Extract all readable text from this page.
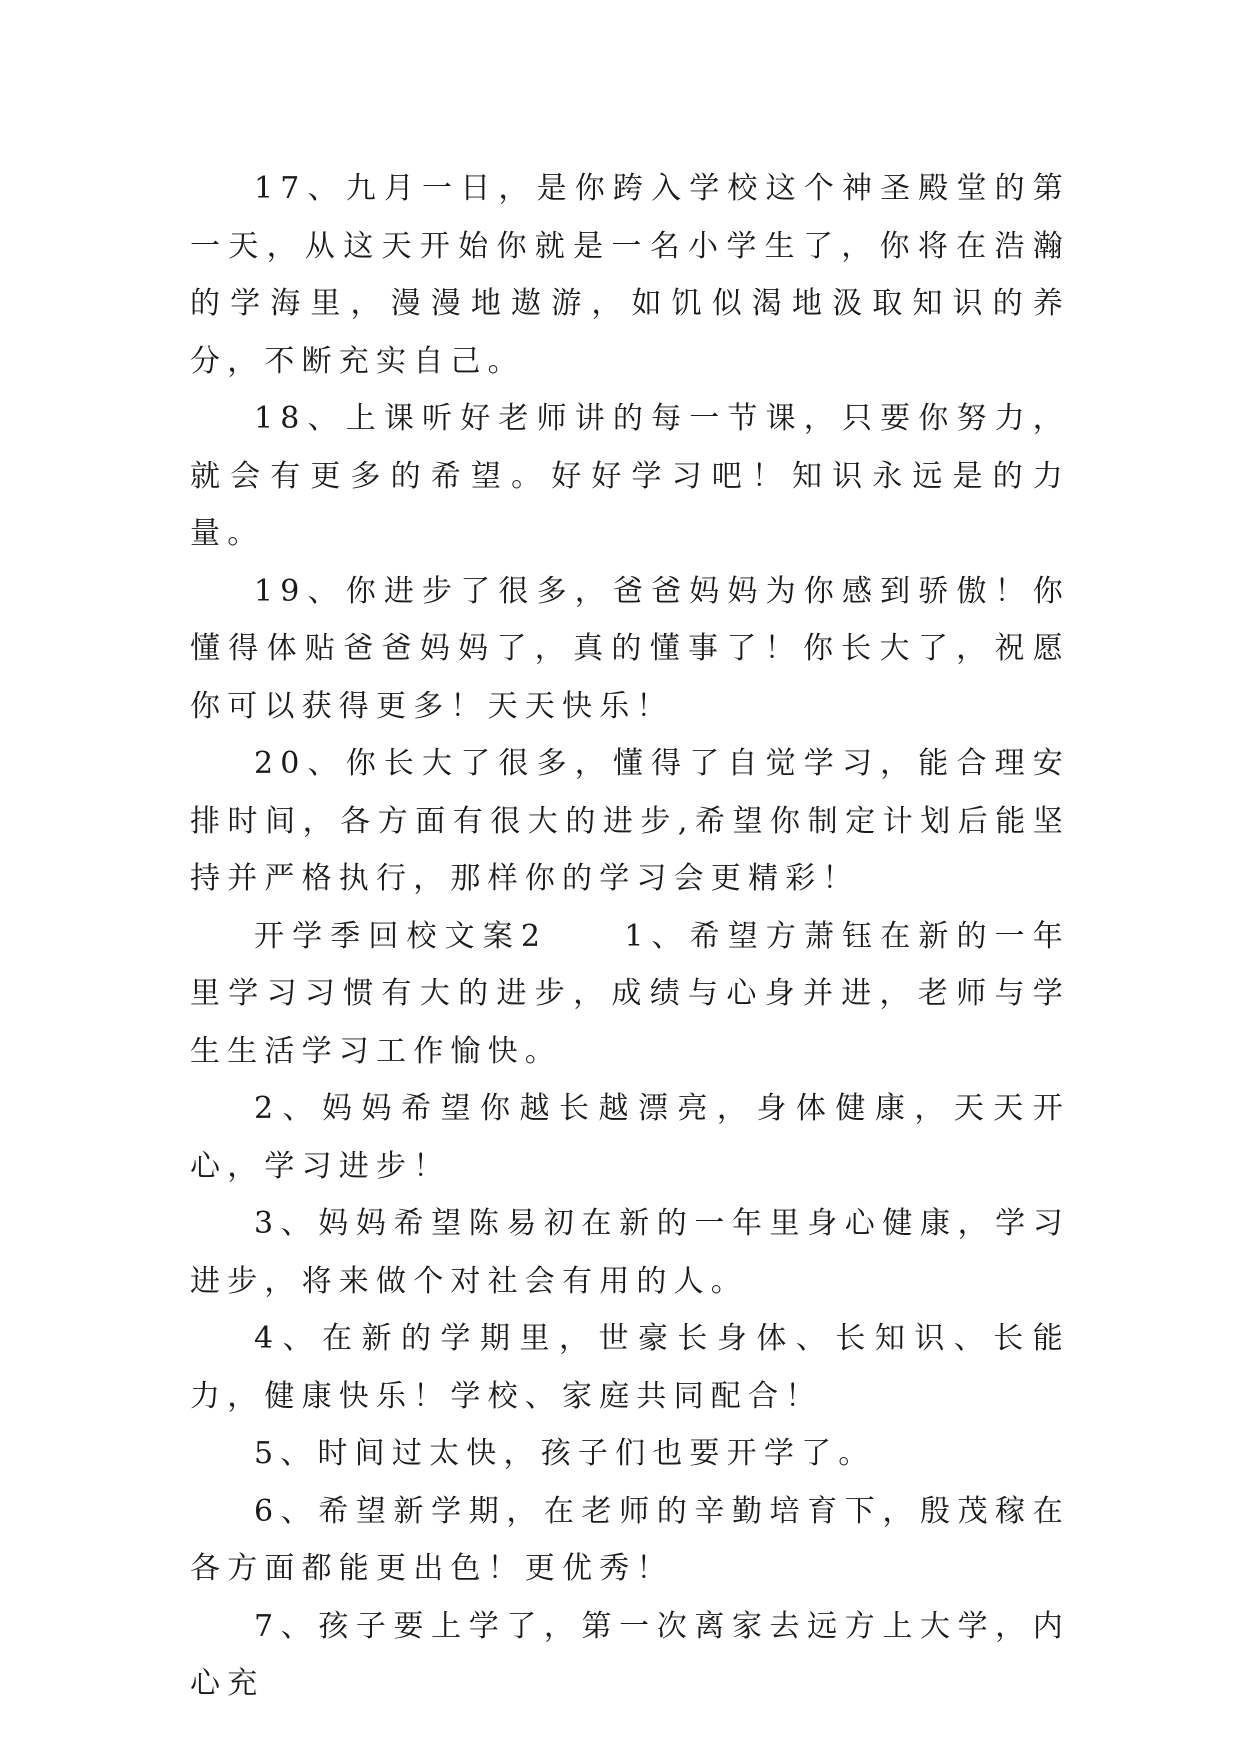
17、九月一日，是你跨入学校这个神圣殿堂的第一天，从这天开始你就是一名小学生了，你将在浩瀚的学海里，漫漫地遨游，如饥似渴地汲取知识的养分，不断充实自己。

18、上课听好老师讲的每一节课，只要你努力，就会有更多的希望。好好学习吧！知识永远是的力量。

19、你进步了很多，爸爸妈妈为你感到骄傲！你懂得体贴爸爸妈妈了，真的懂事了！你长大了，祝愿你可以获得更多！天天快乐！

20、你长大了很多，懂得了自觉学习，能合理安排时间，各方面有很大的进步,希望你制定计划后能坚持并严格执行，那样你的学习会更精彩！

开学季回校文案2　　1、希望方萧钰在新的一年里学习习惯有大的进步，成绩与心身并进，老师与学生生活学习工作愉快。

2、妈妈希望你越长越漂亮，身体健康，天天开心，学习进步！

3、妈妈希望陈易初在新的一年里身心健康，学习进步，将来做个对社会有用的人。

4、在新的学期里，世豪长身体、长知识、长能力，健康快乐！学校、家庭共同配合！

5、时间过太快，孩子们也要开学了。

6、希望新学期，在老师的辛勤培育下，殷茂稼在各方面都能更出色！更优秀！

7、孩子要上学了，第一次离家去远方上大学，内心充
